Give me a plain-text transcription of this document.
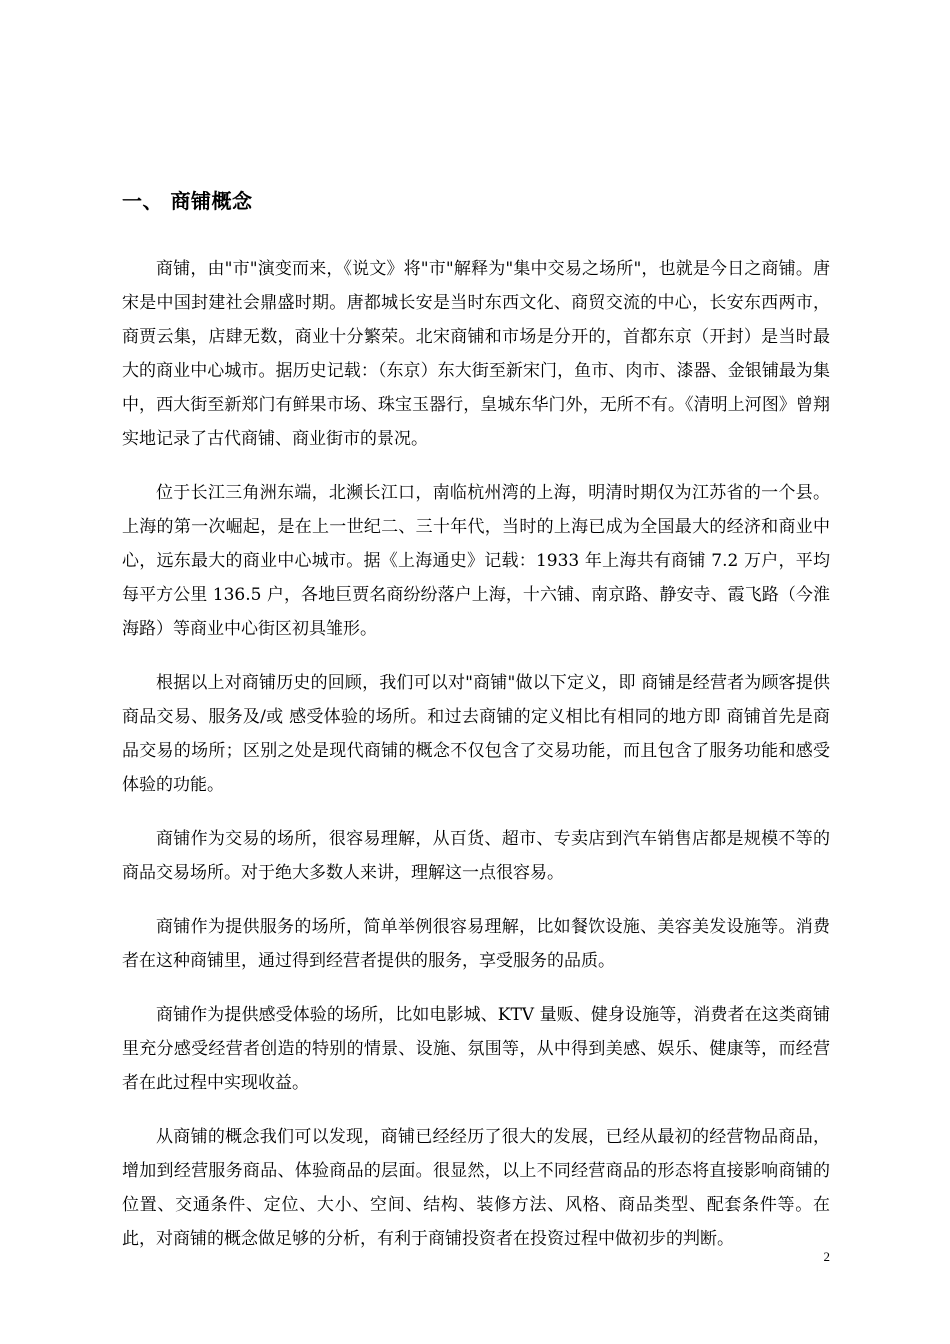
一、 商铺概念

商铺，由"市"演变而来，《说文》将"市"解释为"集中交易之场所"，也就是今日之商铺。唐宋是中国封建社会鼎盛时期。唐都城长安是当时东西文化、商贸交流的中心，长安东西两市，商贾云集，店肆无数，商业十分繁荣。北宋商铺和市场是分开的，首都东京（开封）是当时最大的商业中心城市。据历史记载：（东京）东大街至新宋门，鱼市、肉市、漆器、金银铺最为集中，西大街至新郑门有鲜果市场、珠宝玉器行，皇城东华门外，无所不有。《清明上河图》曾翔实地记录了古代商铺、商业街市的景况。

位于长江三角洲东端，北濒长江口，南临杭州湾的上海，明清时期仅为江苏省的一个县。上海的第一次崛起，是在上一世纪二、三十年代，当时的上海已成为全国最大的经济和商业中心，远东最大的商业中心城市。据《上海通史》记载：1933 年上海共有商铺 7.2 万户，平均每平方公里 136.5 户，各地巨贾名商纷纷落户上海，十六铺、南京路、静安寺、霞飞路（今淮海路）等商业中心街区初具雏形。

根据以上对商铺历史的回顾，我们可以对"商铺"做以下定义，即 商铺是经营者为顾客提供商品交易、服务及/或 感受体验的场所。和过去商铺的定义相比有相同的地方即 商铺首先是商品交易的场所；区别之处是现代商铺的概念不仅包含了交易功能，而且包含了服务功能和感受体验的功能。

商铺作为交易的场所，很容易理解，从百货、超市、专卖店到汽车销售店都是规模不等的商品交易场所。对于绝大多数人来讲，理解这一点很容易。

商铺作为提供服务的场所，简单举例很容易理解，比如餐饮设施、美容美发设施等。消费者在这种商铺里，通过得到经营者提供的服务，享受服务的品质。

商铺作为提供感受体验的场所，比如电影城、KTV 量贩、健身设施等，消费者在这类商铺里充分感受经营者创造的特别的情景、设施、氛围等，从中得到美感、娱乐、健康等，而经营者在此过程中实现收益。

从商铺的概念我们可以发现，商铺已经经历了很大的发展，已经从最初的经营物品商品，增加到经营服务商品、体验商品的层面。很显然，以上不同经营商品的形态将直接影响商铺的位置、交通条件、定位、大小、空间、结构、装修方法、风格、商品类型、配套条件等。在此，对商铺的概念做足够的分析，有利于商铺投资者在投资过程中做初步的判断。

2
